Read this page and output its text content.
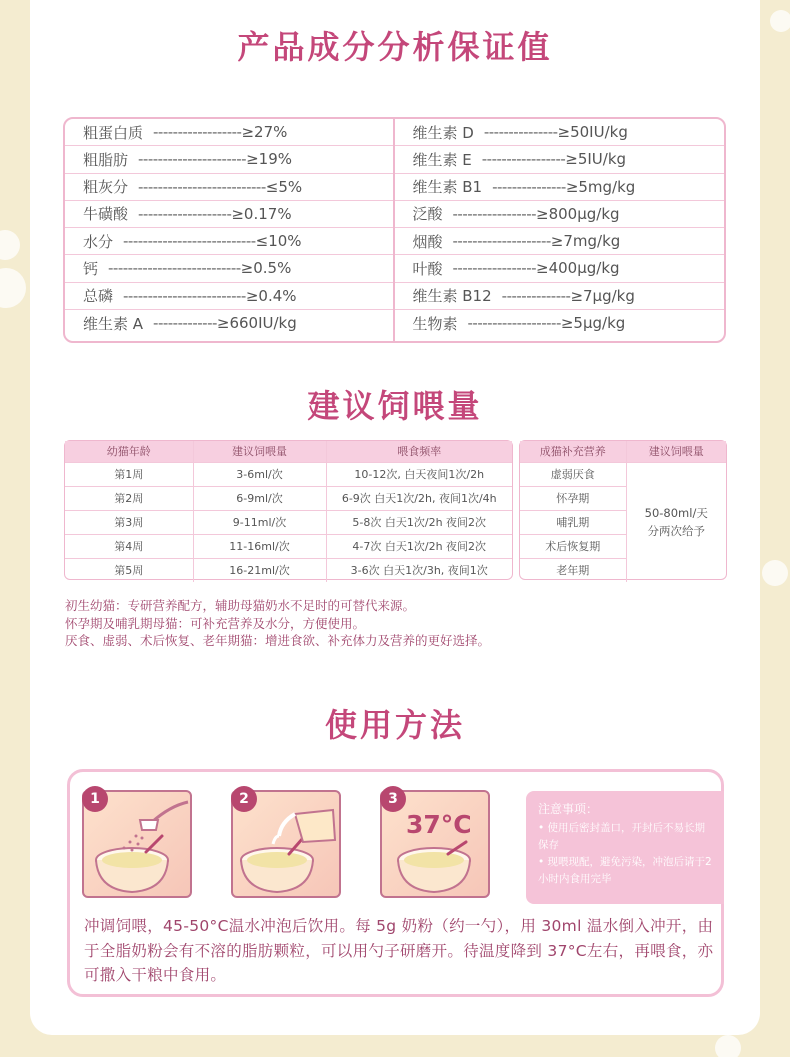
产品成分分析保证值
粗蛋白质 ------------------ ≥27%
粗脂肪 ---------------------- ≥19%
粗灰分 -------------------------- ≤5%
牛磺酸 ------------------- ≥0.17%
水分 --------------------------- ≤10%
钙 --------------------------- ≥0.5%
总磷 ------------------------- ≥0.4%
维生素 A ------------- ≥660IU/kg
维生素 D --------------- ≥50IU/kg
维生素 E ----------------- ≥5IU/kg
维生素 B1 --------------- ≥5mg/kg
泛酸 ----------------- ≥800μg/kg
烟酸 -------------------- ≥7mg/kg
叶酸 ----------------- ≥400μg/kg
维生素 B12 -------------- ≥7μg/kg
生物素 ------------------- ≥5μg/kg
建议饲喂量
幼猫年龄	建议饲喂量	喂食频率
第1周	3-6ml/次	10-12次, 白天夜间1次/2h
第2周	6-9ml/次	6-9次 白天1次/2h, 夜间1次/4h
第3周	9-11ml/次	5-8次 白天1次/2h 夜间2次
第4周	11-16ml/次	4-7次 白天1次/2h 夜间2次
第5周	16-21ml/次	3-6次 白天1次/3h, 夜间1次
成猫补充营养	建议饲喂量
虚弱厌食	50-80ml/天
分两次给予

怀孕期	
哺乳期	
术后恢复期	
老年期	
初生幼猫：专研营养配方，辅助母猫奶水不足时的可替代来源。
怀孕期及哺乳期母猫：可补充营养及水分，方便使用。
厌食、虚弱、术后恢复、老年期猫：增进食欲、补充体力及营养的更好选择。
使用方法
1	2
37°C
3
注意事项：
• 使用后密封盖口，开封后不易长期保存
• 现喂现配，避免污染，冲泡后请于2小时内食用完毕
冲调饲喂，45-50°C温水冲泡后饮用。每 5g 奶粉（约一勺），用 30ml 温水倒入冲开，由于全脂奶粉会有不溶的脂肪颗粒，可以用勺子研磨开。待温度降到 37°C左右，再喂食，亦可撒入干粮中食用。
